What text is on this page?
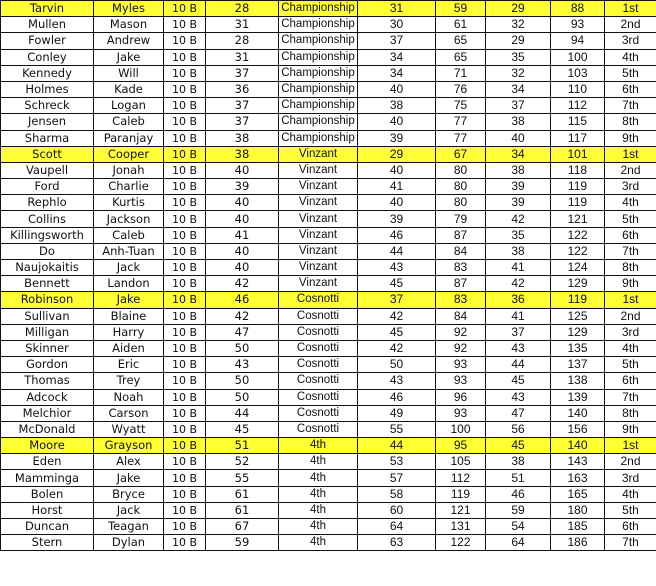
Tarvin	Myles	10 B	28	Championship	31	59	29	88	1st
Mullen	Mason	10 B	31	Championship	30	61	32	93	2nd
Fowler	Andrew	10 B	28	Championship	37	65	29	94	3rd
Conley	Jake	10 B	31	Championship	34	65	35	100	4th
Kennedy	Will	10 B	37	Championship	34	71	32	103	5th
Holmes	Kade	10 B	36	Championship	40	76	34	110	6th
Schreck	Logan	10 B	37	Championship	38	75	37	112	7th
Jensen	Caleb	10 B	37	Championship	40	77	38	115	8th
Sharma	Paranjay	10 B	38	Championship	39	77	40	117	9th
Scott	Cooper	10 B	38	Vinzant	29	67	34	101	1st
Vaupell	Jonah	10 B	40	Vinzant	40	80	38	118	2nd
Ford	Charlie	10 B	39	Vinzant	41	80	39	119	3rd
Rephlo	Kurtis	10 B	40	Vinzant	40	80	39	119	4th
Collins	Jackson	10 B	40	Vinzant	39	79	42	121	5th
Killingsworth	Caleb	10 B	41	Vinzant	46	87	35	122	6th
Do	Anh-Tuan	10 B	40	Vinzant	44	84	38	122	7th
Naujokaitis	Jack	10 B	40	Vinzant	43	83	41	124	8th
Bennett	Landon	10 B	42	Vinzant	45	87	42	129	9th
Robinson	Jake	10 B	46	Cosnotti	37	83	36	119	1st
Sullivan	Blaine	10 B	42	Cosnotti	42	84	41	125	2nd
Milligan	Harry	10 B	47	Cosnotti	45	92	37	129	3rd
Skinner	Aiden	10 B	50	Cosnotti	42	92	43	135	4th
Gordon	Eric	10 B	43	Cosnotti	50	93	44	137	5th
Thomas	Trey	10 B	50	Cosnotti	43	93	45	138	6th
Adcock	Noah	10 B	50	Cosnotti	46	96	43	139	7th
Melchior	Carson	10 B	44	Cosnotti	49	93	47	140	8th
McDonald	Wyatt	10 B	45	Cosnotti	55	100	56	156	9th
Moore	Grayson	10 B	51	4th	44	95	45	140	1st
Eden	Alex	10 B	52	4th	53	105	38	143	2nd
Mamminga	Jake	10 B	55	4th	57	112	51	163	3rd
Bolen	Bryce	10 B	61	4th	58	119	46	165	4th
Horst	Jack	10 B	61	4th	60	121	59	180	5th
Duncan	Teagan	10 B	67	4th	64	131	54	185	6th
Stern	Dylan	10 B	59	4th	63	122	64	186	7th
